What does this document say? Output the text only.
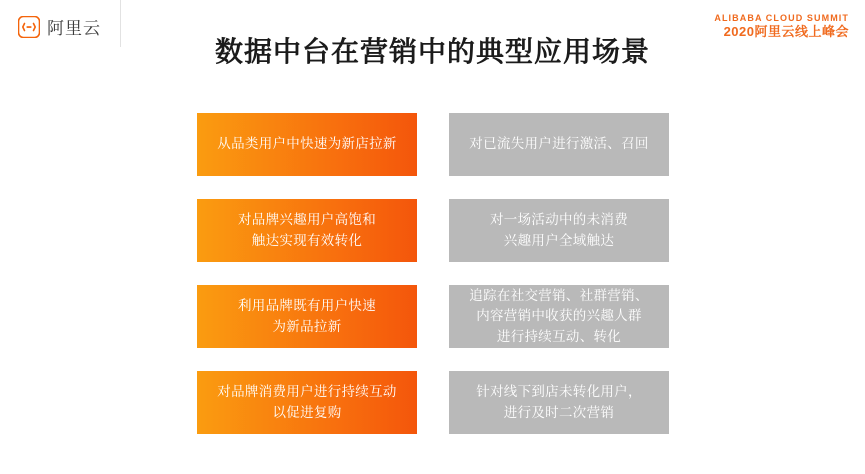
阿里云
ALIBABA CLOUD SUMMIT
2020阿里云线上峰会
数据中台在营销中的典型应用场景
从品类用户中快速为新店拉新
对品牌兴趣用户高饱和
触达实现有效转化
利用品牌既有用户快速
为新品拉新
对品牌消费用户进行持续互动
以促进复购
对已流失用户进行激活、召回
对一场活动中的未消费
兴趣用户全域触达
追踪在社交营销、社群营销、
内容营销中收获的兴趣人群
进行持续互动、转化
针对线下到店未转化用户，
进行及时二次营销
